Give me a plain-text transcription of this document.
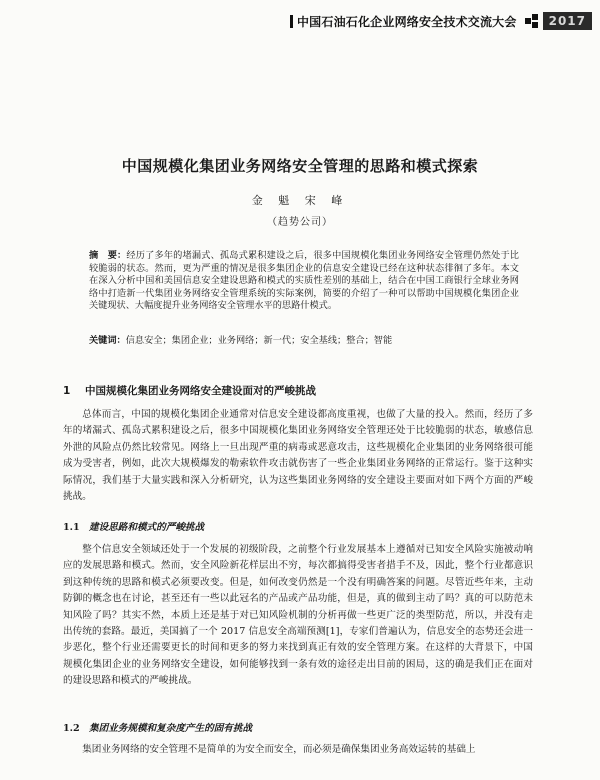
中国石油石化企业网络安全技术交流大会	2017
中国规模化集团业务网络安全管理的思路和模式探索
金 魁 宋 峰
（趋势公司）
摘　要：经历了多年的堵漏式、孤岛式累积建设之后，很多中国规模化集团业务网络安全管理仍然处于比较脆弱的状态。然而，更为严重的情况是很多集团企业的信息安全建设已经在这种状态徘徊了多年。本文在深入分析中国和美国信息安全建设思路和模式的实质性差别的基础上，结合在中国工商银行全球业务网络中打造新一代集团业务网络安全管理系统的实际案例，简要的介绍了一种可以帮助中国规模化集团企业关键现状、大幅度提升业务网络安全管理水平的思路什模式。
关键词：信息安全；集团企业；业务网络；新一代；安全基线；整合；智能
1 中国规模化集团业务网络安全建设面对的严峻挑战
总体而言，中国的规模化集团企业通常对信息安全建设都高度重视，也做了大量的投入。然而，经历了多年的堵漏式、孤岛式累积建设之后，很多中国规模化集团业务网络安全管理还处于比较脆弱的状态，敏感信息外泄的风险点仍然比较常见。网络上一旦出现严重的病毒或恶意攻击，这些规模化企业集团的业务网络很可能成为受害者，例如，此次大规模爆发的勒索软件攻击就伤害了一些企业集团业务网络的正常运行。鉴于这种实际情况，我们基于大量实践和深入分析研究，认为这些集团业务网络的安全建设主要面对如下两个方面的严峻挑战。
1.1 建设思路和模式的严峻挑战
整个信息安全领域还处于一个发展的初级阶段，之前整个行业发展基本上遵循对已知安全风险实施被动响应的发展思路和模式。然而，安全风险新花样层出不穷，每次都搞得受害者措手不及，因此，整个行业都意识到这种传统的思路和模式必须要改变。但是，如何改变仍然是一个没有明确答案的问题。尽管近些年来，主动防御的概念也在讨论，甚至还有一些以此冠名的产品或产品功能，但是，真的做到主动了吗？真的可以防范未知风险了吗？其实不然，本质上还是基于对已知风险机制的分析再做一些更广泛的类型防范，所以，并没有走出传统的套路。最近，美国搞了一个 2017 信息安全高端预测[1]，专家们普遍认为，信息安全的态势还会进一步恶化，整个行业还需要更长的时间和更多的努力来找到真正有效的安全管理方案。在这样的大背景下，中国规模化集团企业的业务网络安全建设，如何能够找到一条有效的途径走出目前的困局，这的确是我们正在面对的建设思路和模式的严峻挑战。
1.2 集团业务规模和复杂度产生的固有挑战
集团业务网络的安全管理不是简单的为安全而安全，而必须是确保集团业务高效运转的基础上
